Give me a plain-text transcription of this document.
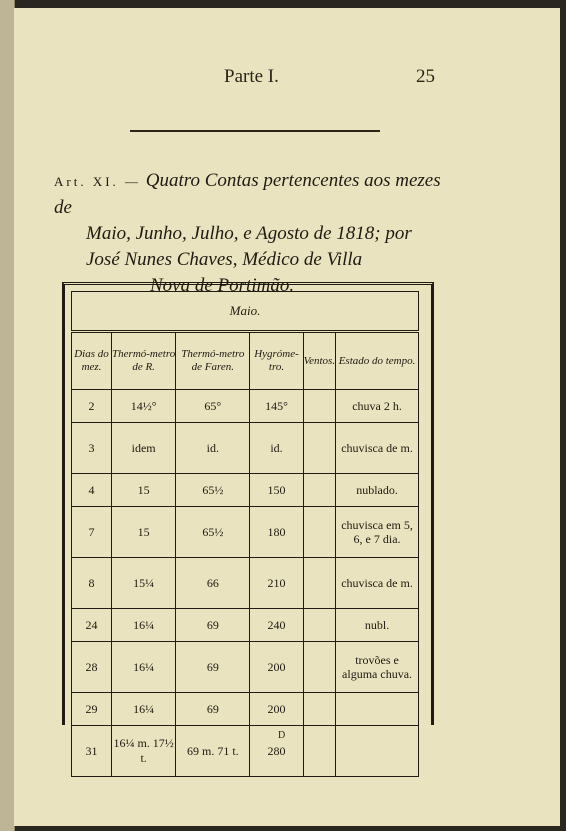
Parte I.	25
Art. XI. — Quatro Contas pertencentes aos mezes de
Maio, Junho, Julho, e Agosto de 1818; por
José Nunes Chaves, Médico de Villa
Nova de Portimão.
Maio.					
Dias do mez.	Thermó-metro de R.	Thermó-metro de Faren.	Hygróme-tro.	Ventos.	Estado do tempo.
2	14½°	65°	145°		chuva 2 h.
3	idem	id.	id.		chuvisca de m.
4	15	65½	150		nublado.
7	15	65½	180		chuvisca em 5, 6, e 7 dia.
8	15¼	66	210		chuvisca de m.
24	16¼	69	240		nubl.
28	16¼	69	200		trovões e alguma chuva.
29	16¼	69	200		
31	16¼ m. 17½ t.	69 m. 71 t.	280		
D
